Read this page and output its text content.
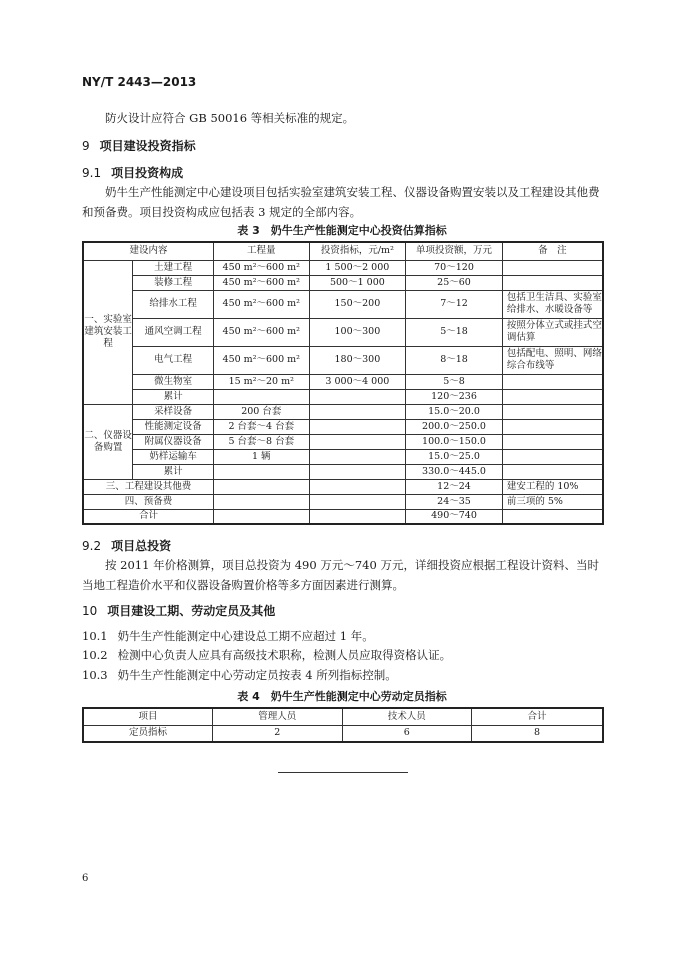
NY/T 2443—2013
防火设计应符合 GB 50016 等相关标准的规定。
9 项目建设投资指标
9.1 项目投资构成
奶牛生产性能测定中心建设项目包括实验室建筑安装工程、仪器设备购置安装以及工程建设其他费和预备费。项目投资构成应包括表 3 规定的全部内容。
表 3　奶牛生产性能测定中心投资估算指标
建设内容		工程量	投资指标，元/m²	单项投资额，万元	备　注
一、实验室建筑安装工程	土建工程	450 m²～600 m²	1 500～2 000	70～120	
	装修工程	450 m²～600 m²	500～1 000	25～60	
	给排水工程	450 m²～600 m²	150～200	7～12	包括卫生洁具、实验室给排水、水暖设备等
	通风空调工程	450 m²～600 m²	100～300	5～18	按照分体立式或挂式空调估算
	电气工程	450 m²～600 m²	180～300	8～18	包括配电、照明、网络综合布线等
	微生物室	15 m²～20 m²	3 000～4 000	5～8	
	累计			120～236	
二、仪器设备购置	采样设备	200 台套		15.0～20.0	
	性能测定设备	2 台套～4 台套		200.0～250.0	
	附属仪器设备	5 台套～8 台套		100.0～150.0	
	奶样运输车	1 辆		15.0～25.0	
	累计			330.0～445.0	
三、工程建设其他费				12～24	建安工程的 10%
四、预备费				24～35	前三项的 5%
合计				490～740	
9.2 项目总投资
按 2011 年价格测算，项目总投资为 490 万元～740 万元，详细投资应根据工程设计资料、当时当地工程造价水平和仪器设备购置价格等多方面因素进行测算。
10 项目建设工期、劳动定员及其他
10.1 奶牛生产性能测定中心建设总工期不应超过 1 年。
10.2 检测中心负责人应具有高级技术职称，检测人员应取得资格认证。
10.3 奶牛生产性能测定中心劳动定员按表 4 所列指标控制。
表 4　奶牛生产性能测定中心劳动定员指标
项目	管理人员	技术人员	合计
定员指标	2	6	8
6
